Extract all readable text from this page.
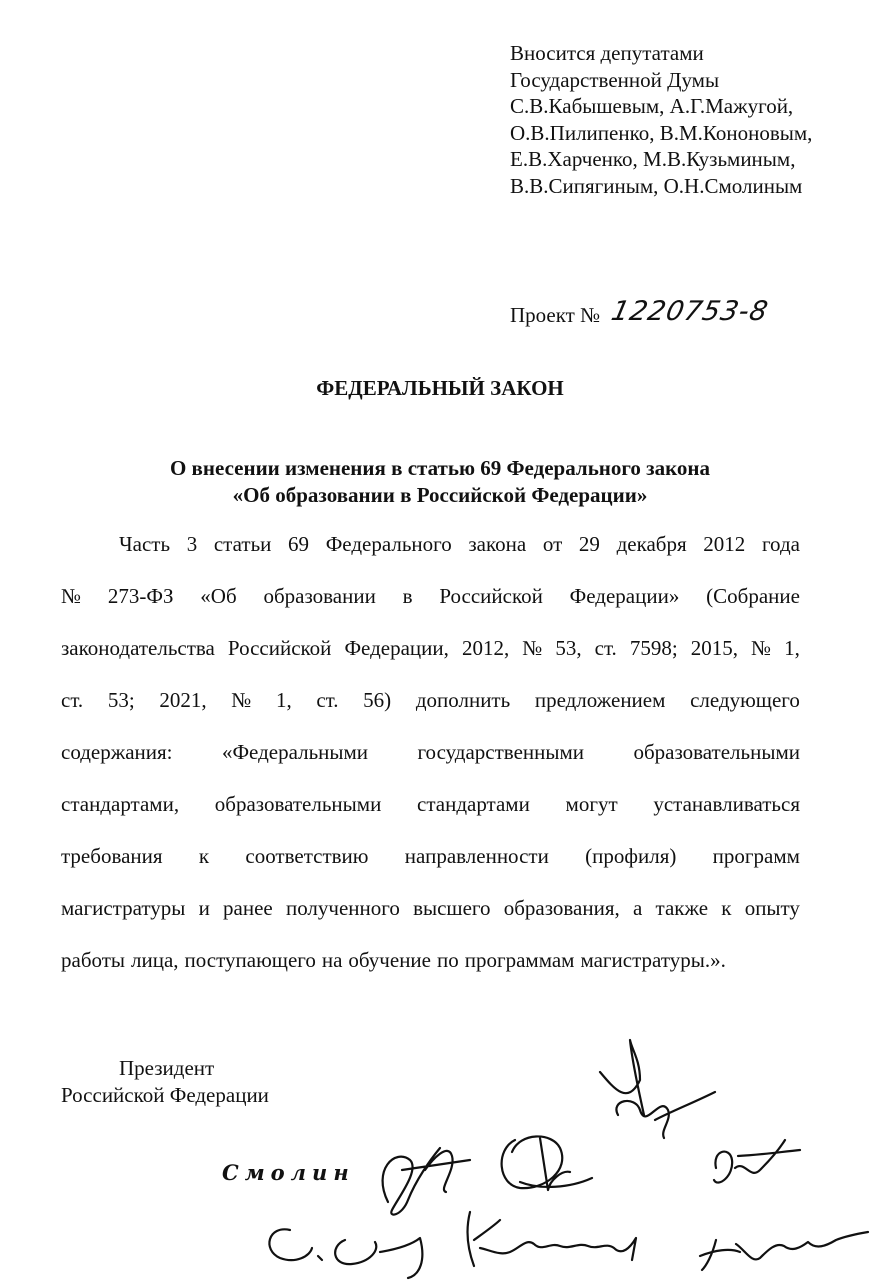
Вносится депутатами
Государственной Думы
С.В.Кабышевым, А.Г.Мажугой,
О.В.Пилипенко, В.М.Кононовым,
Е.В.Харченко, М.В.Кузьминым,
В.В.Сипягиным, О.Н.Смолиным
Проект № 1220753-8
ФЕДЕРАЛЬНЫЙ ЗАКОН
О внесении изменения в статью 69 Федерального закона
«Об образовании в Российской Федерации»
Часть 3 статьи 69 Федерального закона от 29 декабря 2012 года
№ 273-ФЗ «Об образовании в Российской Федерации» (Собрание
законодательства Российской Федерации, 2012, № 53, ст. 7598; 2015, № 1,
ст. 53; 2021, № 1, ст. 56) дополнить предложением следующего
содержания: «Федеральными государственными образовательными
стандартами, образовательными стандартами могут устанавливаться
требования к соответствию направленности (профиля) программ
магистратуры и ранее полученного высшего образования, а также к опыту
работы лица, поступающего на обучение по программам магистратуры.».
Президент
Российской Федерации
Смолин
